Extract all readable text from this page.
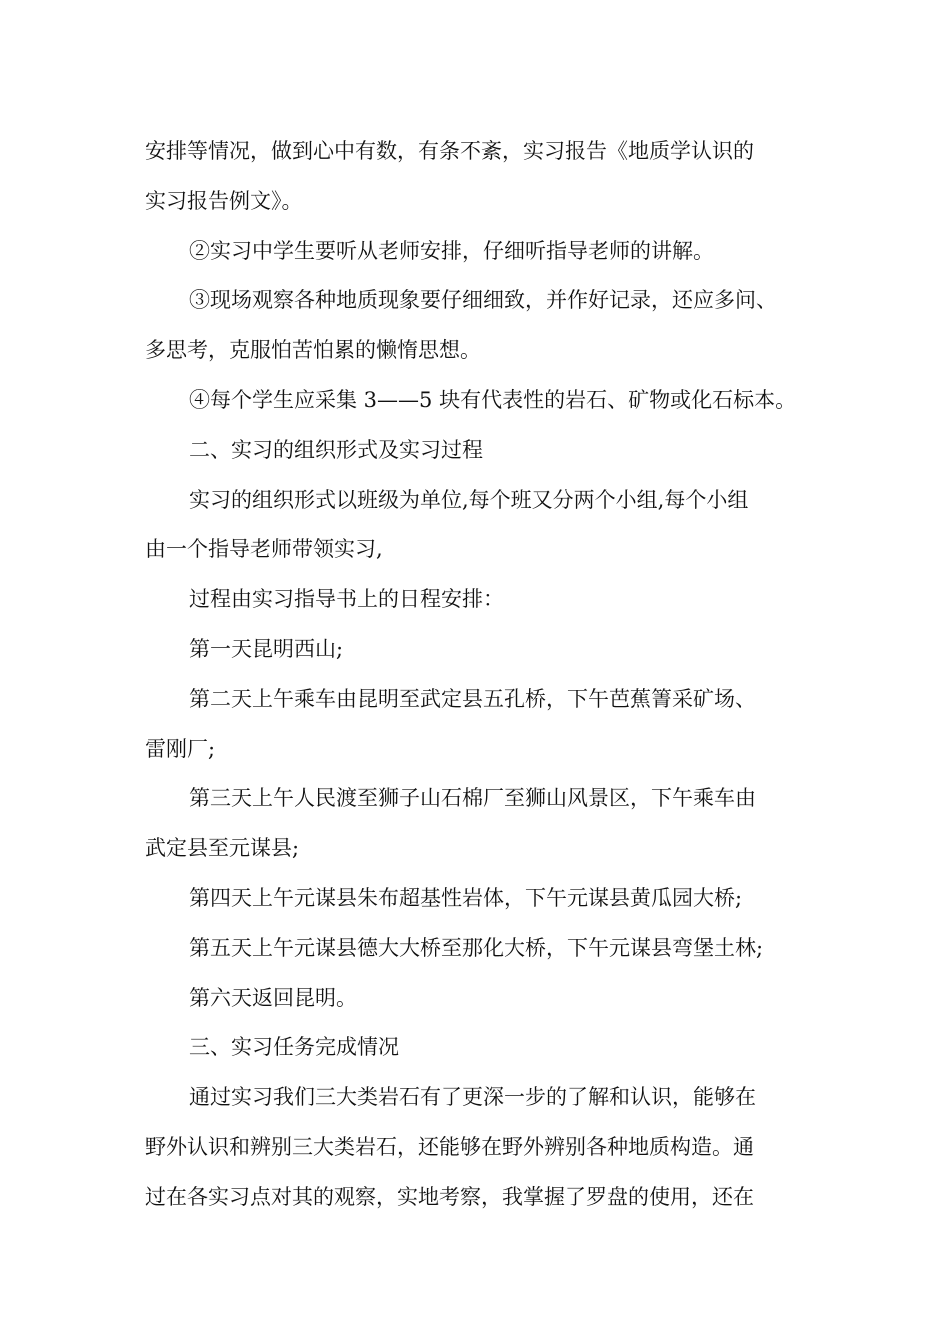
安排等情况，做到心中有数，有条不紊，实习报告《地质学认识的
实习报告例文》。
②实习中学生要听从老师安排，仔细听指导老师的讲解。
③现场观察各种地质现象要仔细细致，并作好记录，还应多问、
多思考，克服怕苦怕累的懒惰思想。
④每个学生应采集 3——5 块有代表性的岩石、矿物或化石标本。
二、实习的组织形式及实习过程
实习的组织形式以班级为单位,每个班又分两个小组,每个小组
由一个指导老师带领实习,
过程由实习指导书上的日程安排：
第一天昆明西山;
第二天上午乘车由昆明至武定县五孔桥，下午芭蕉箐采矿场、
雷刚厂;
第三天上午人民渡至狮子山石棉厂至狮山风景区，下午乘车由
武定县至元谋县;
第四天上午元谋县朱布超基性岩体，下午元谋县黄瓜园大桥;
第五天上午元谋县德大大桥至那化大桥，下午元谋县弯堡土林;
第六天返回昆明。
三、实习任务完成情况
通过实习我们三大类岩石有了更深一步的了解和认识，能够在
野外认识和辨别三大类岩石，还能够在野外辨别各种地质构造。通
过在各实习点对其的观察，实地考察，我掌握了罗盘的使用，还在
